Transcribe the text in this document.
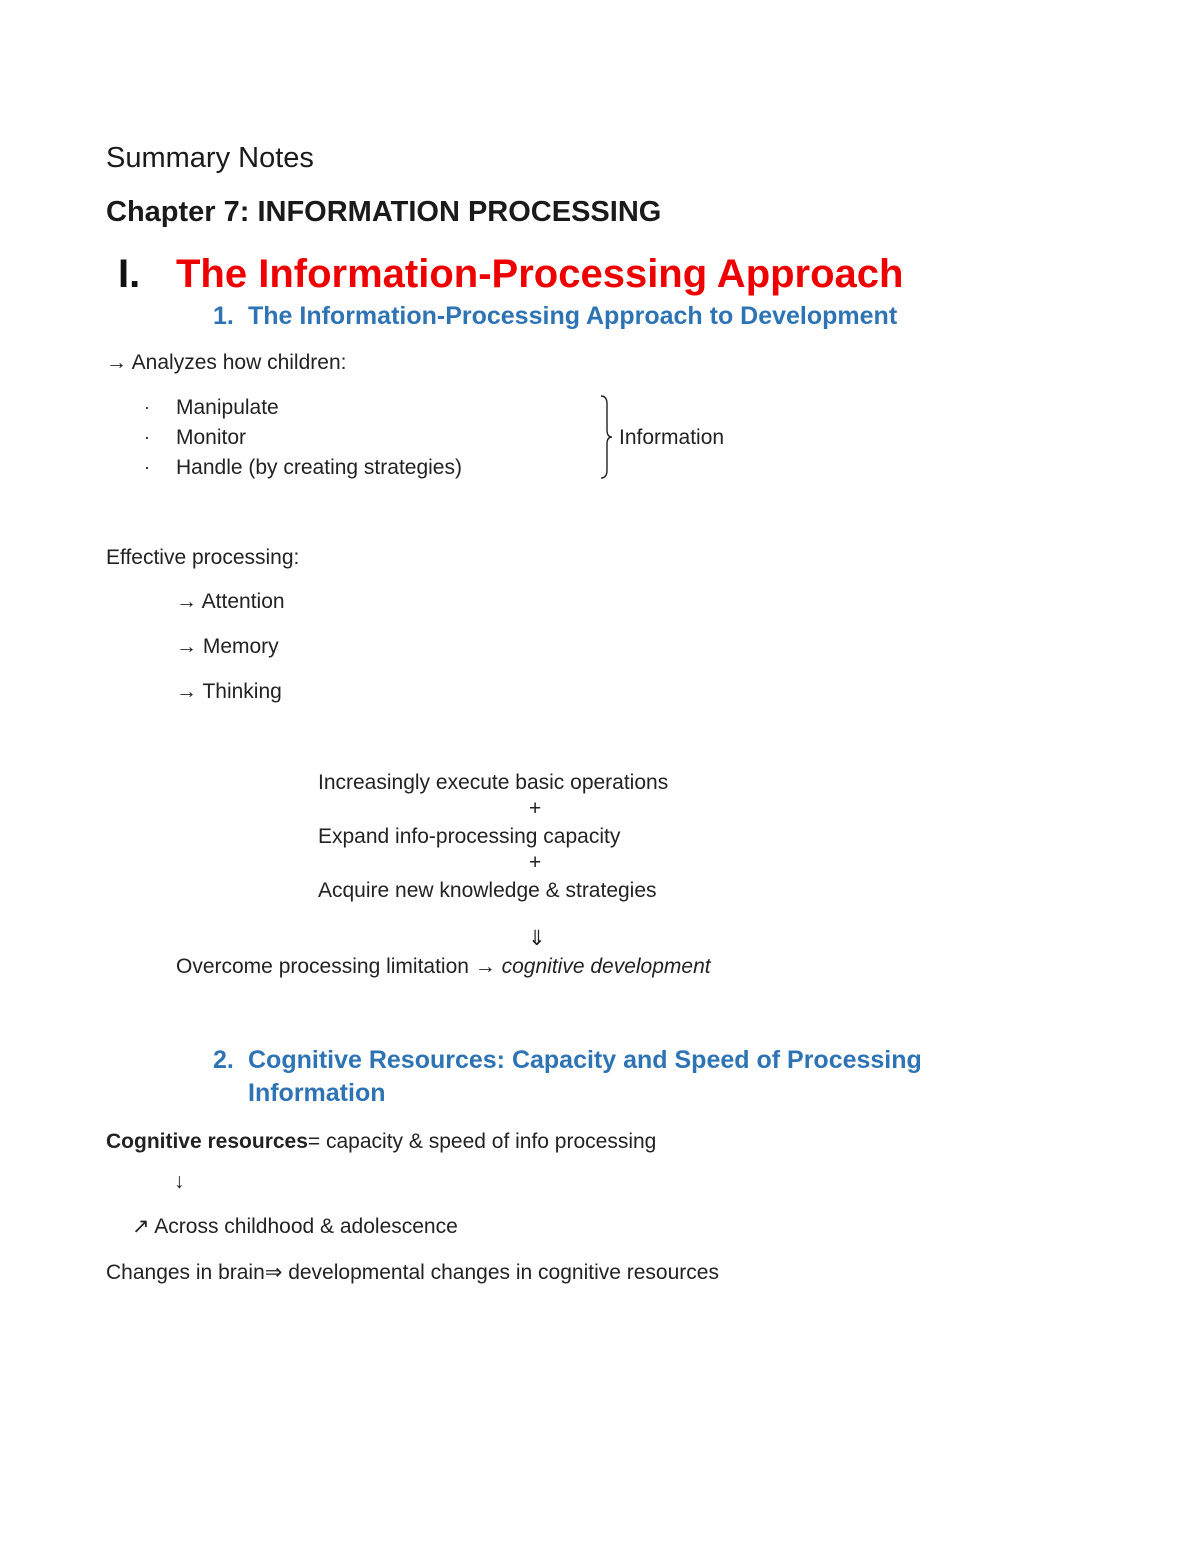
Summary Notes
Chapter 7: INFORMATION PROCESSING
I. The Information-Processing Approach
1. The Information-Processing Approach to Development
→ Analyzes how children:
· Manipulate
· Monitor
· Handle (by creating strategies)
Information
Effective processing:
→ Attention
→ Memory
→ Thinking
Increasingly execute basic operations
+
Expand info-processing capacity
+
Acquire new knowledge & strategies
⇓
Overcome processing limitation → cognitive development
2. Cognitive Resources: Capacity and Speed of Processing
Information
Cognitive resources= capacity & speed of info processing
↓
↗ Across childhood & adolescence
Changes in brain⇒ developmental changes in cognitive resources
